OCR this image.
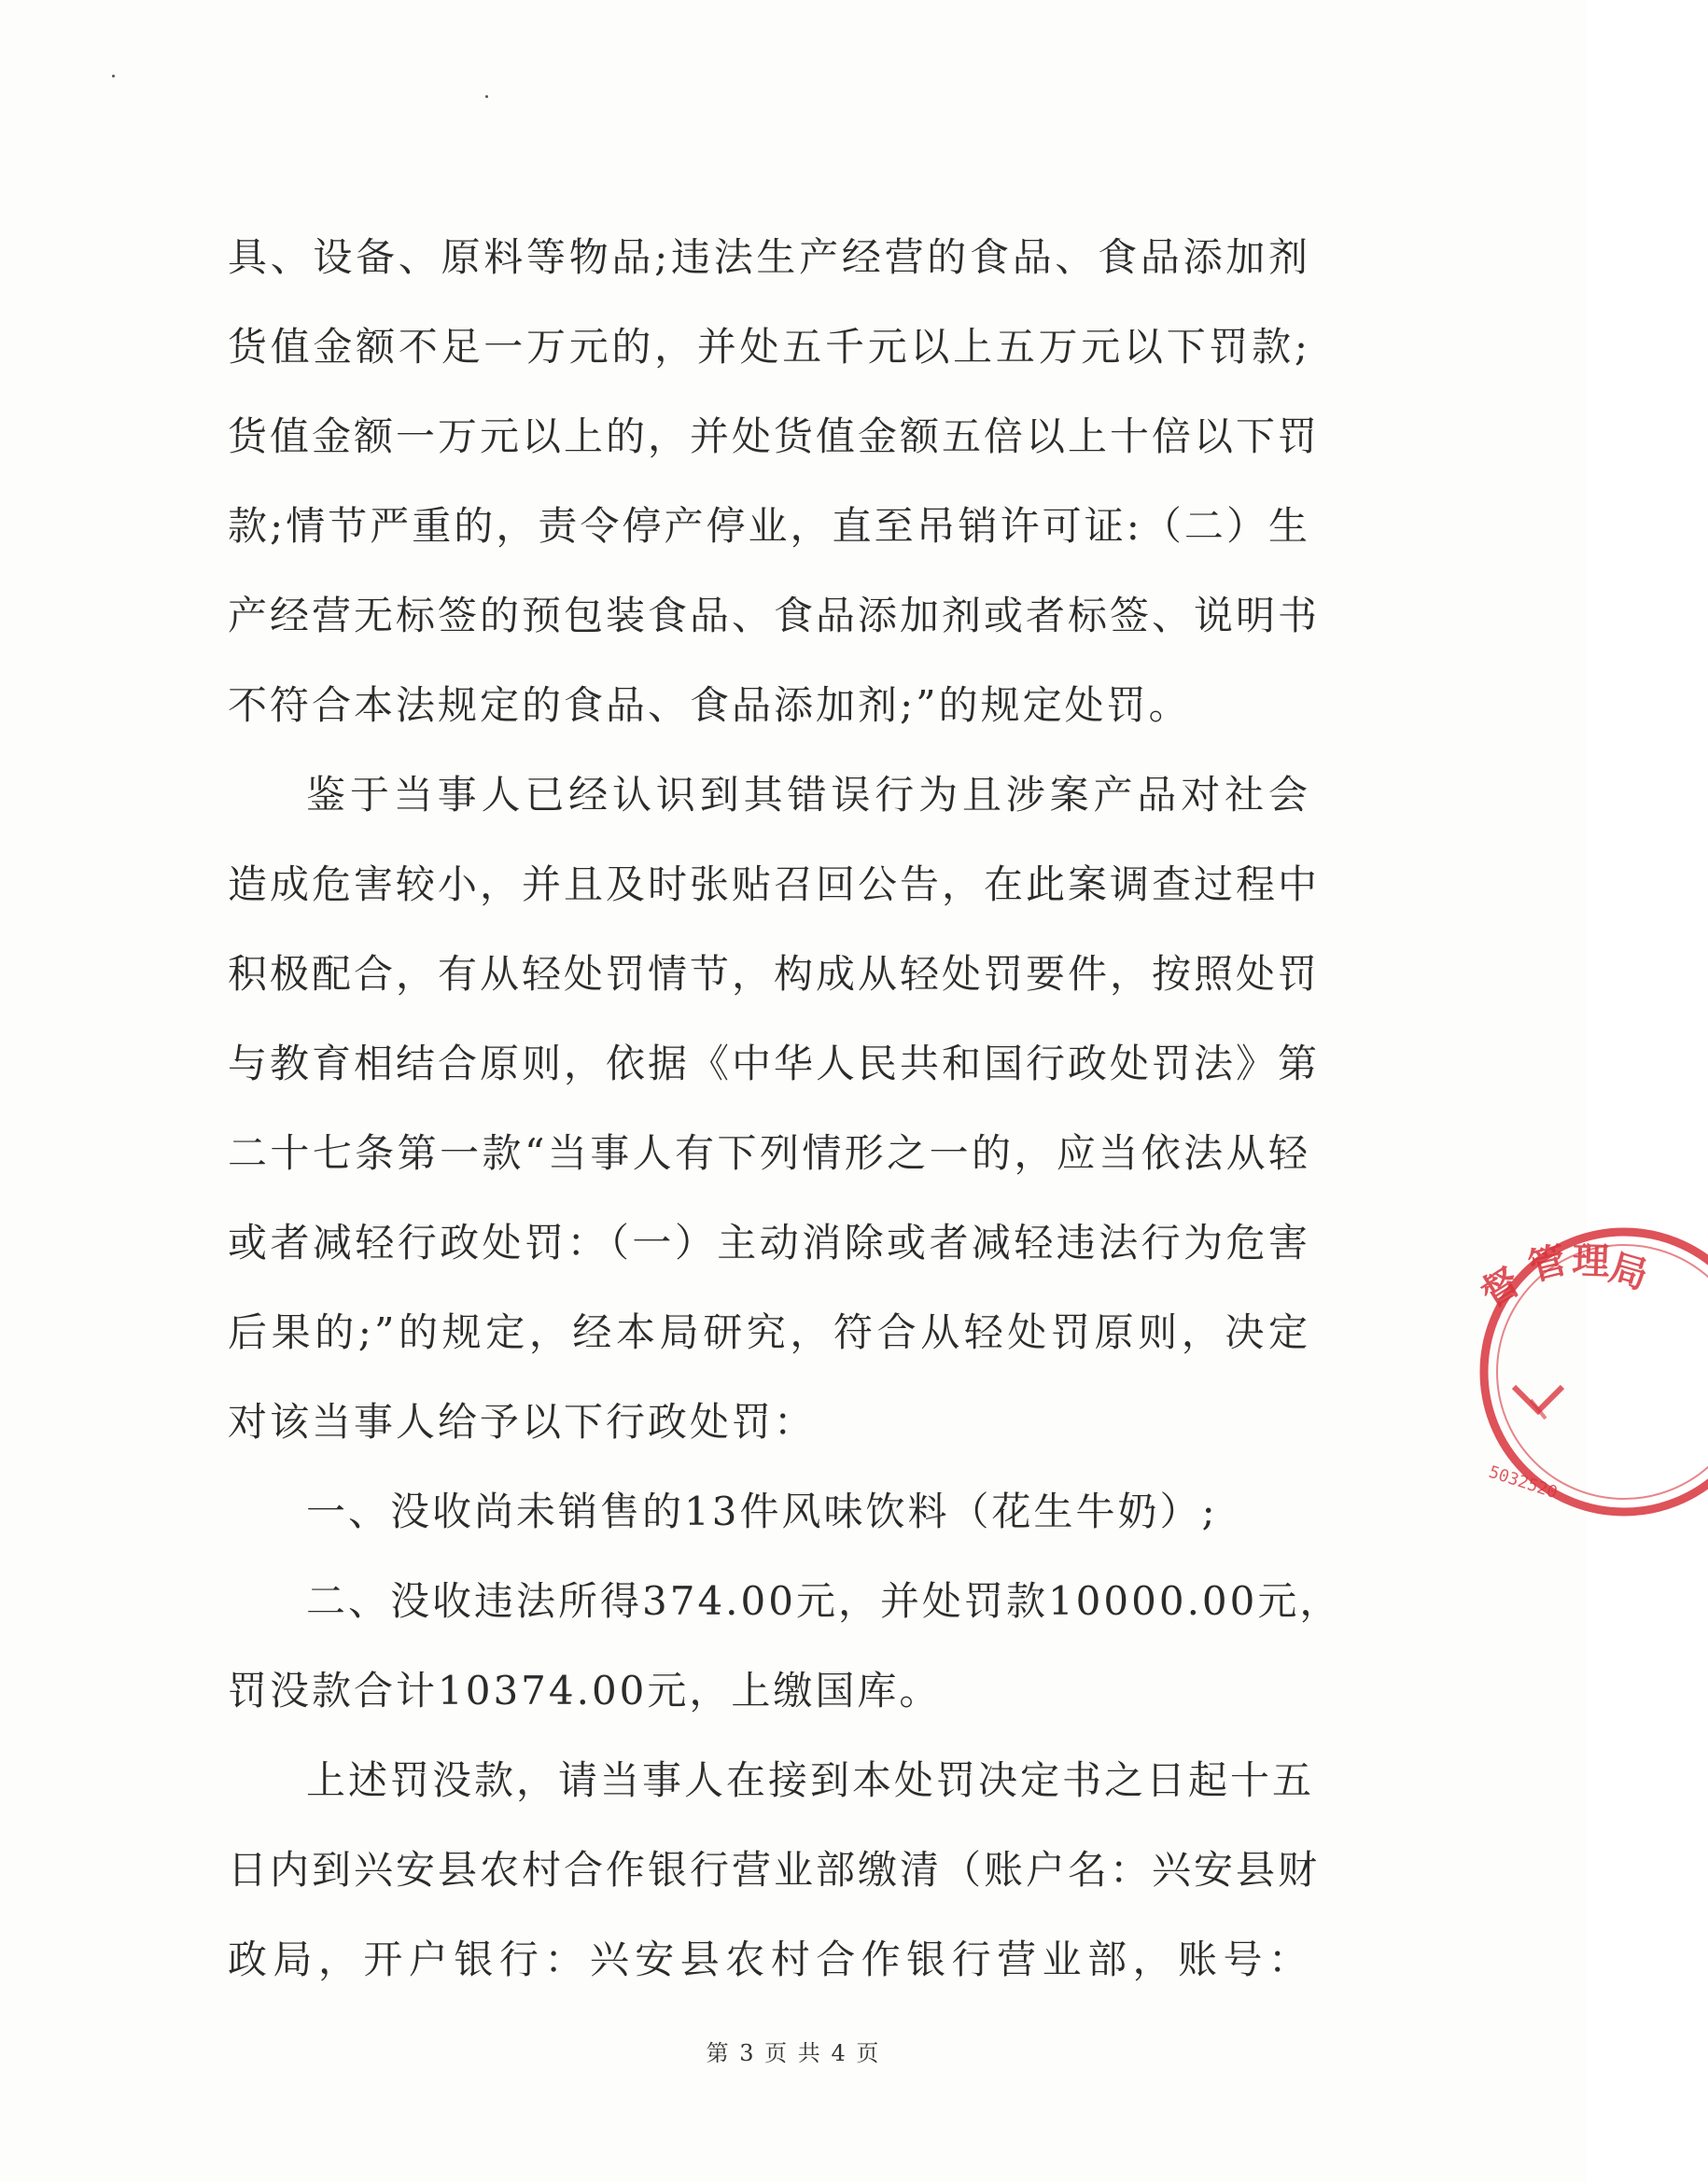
具、设备、原料等物品;违法生产经营的食品、食品添加剂
货值金额不足一万元的，并处五千元以上五万元以下罚款;
货值金额一万元以上的，并处货值金额五倍以上十倍以下罚
款;情节严重的，责令停产停业，直至吊销许可证:（二）生
产经营无标签的预包装食品、食品添加剂或者标签、说明书
不符合本法规定的食品、食品添加剂;”的规定处罚。
鉴于当事人已经认识到其错误行为且涉案产品对社会
造成危害较小，并且及时张贴召回公告，在此案调查过程中
积极配合，有从轻处罚情节，构成从轻处罚要件，按照处罚
与教育相结合原则，依据《中华人民共和国行政处罚法》第
二十七条第一款“当事人有下列情形之一的，应当依法从轻
或者减轻行政处罚：（一）主动消除或者减轻违法行为危害
后果的;”的规定，经本局研究，符合从轻处罚原则，决定
对该当事人给予以下行政处罚：
一、没收尚未销售的13件风味饮料（花生牛奶）;
二、没收违法所得374.00元，并处罚款10000.00元，
罚没款合计10374.00元，上缴国库。
上述罚没款，请当事人在接到本处罚决定书之日起十五
日内到兴安县农村合作银行营业部缴清（账户名：兴安县财
政局，开户银行：兴安县农村合作银行营业部，账号：
督
管 理
局
5032520
第 3 页 共 4 页
